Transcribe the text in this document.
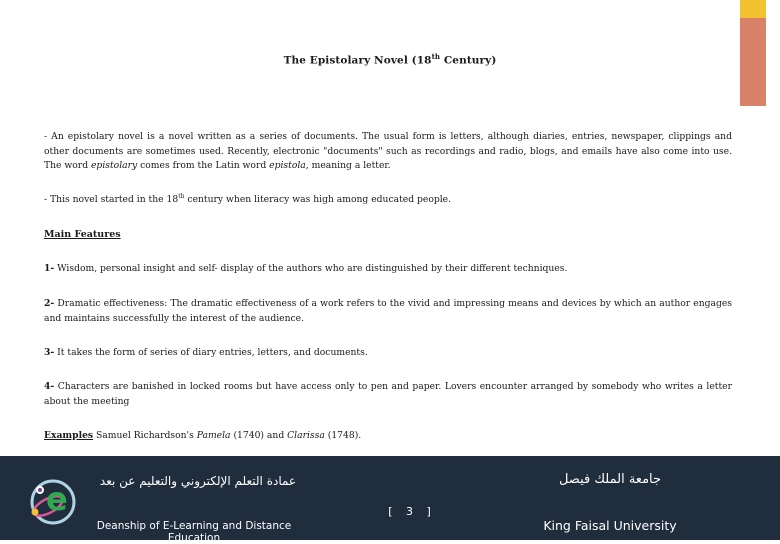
The Epistolary Novel (18th Century)
- An epistolary novel is a novel written as a series of documents. The usual form is letters, although diaries, entries, newspaper, clippings and other documents are sometimes used. Recently, electronic "documents" such as recordings and radio, blogs, and emails have also come into use. The word epistolary comes from the Latin word epistola, meaning a letter.
- This novel started in the 18th century when literacy was high among educated people.
Main Features
1- Wisdom, personal insight and self- display of the authors who are distinguished by their different techniques.
2- Dramatic effectiveness: The dramatic effectiveness of a work refers to the vivid and impressing means and devices by which an author engages and maintains successfully the interest of the audience.
3- It takes the form of series of diary entries, letters, and documents.
4- Characters are banished in locked rooms but have access only to pen and paper. Lovers encounter arranged by somebody who writes a letter about the meeting
Examples Samuel Richardson's Pamela (1740) and Clarissa (1748).
e	عمادة التعلم الإلكتروني والتعليم عن بعد
Deanship of E-Learning and Distance Education
[ 3 ]
جامعة الملك فيصل
King Faisal University
